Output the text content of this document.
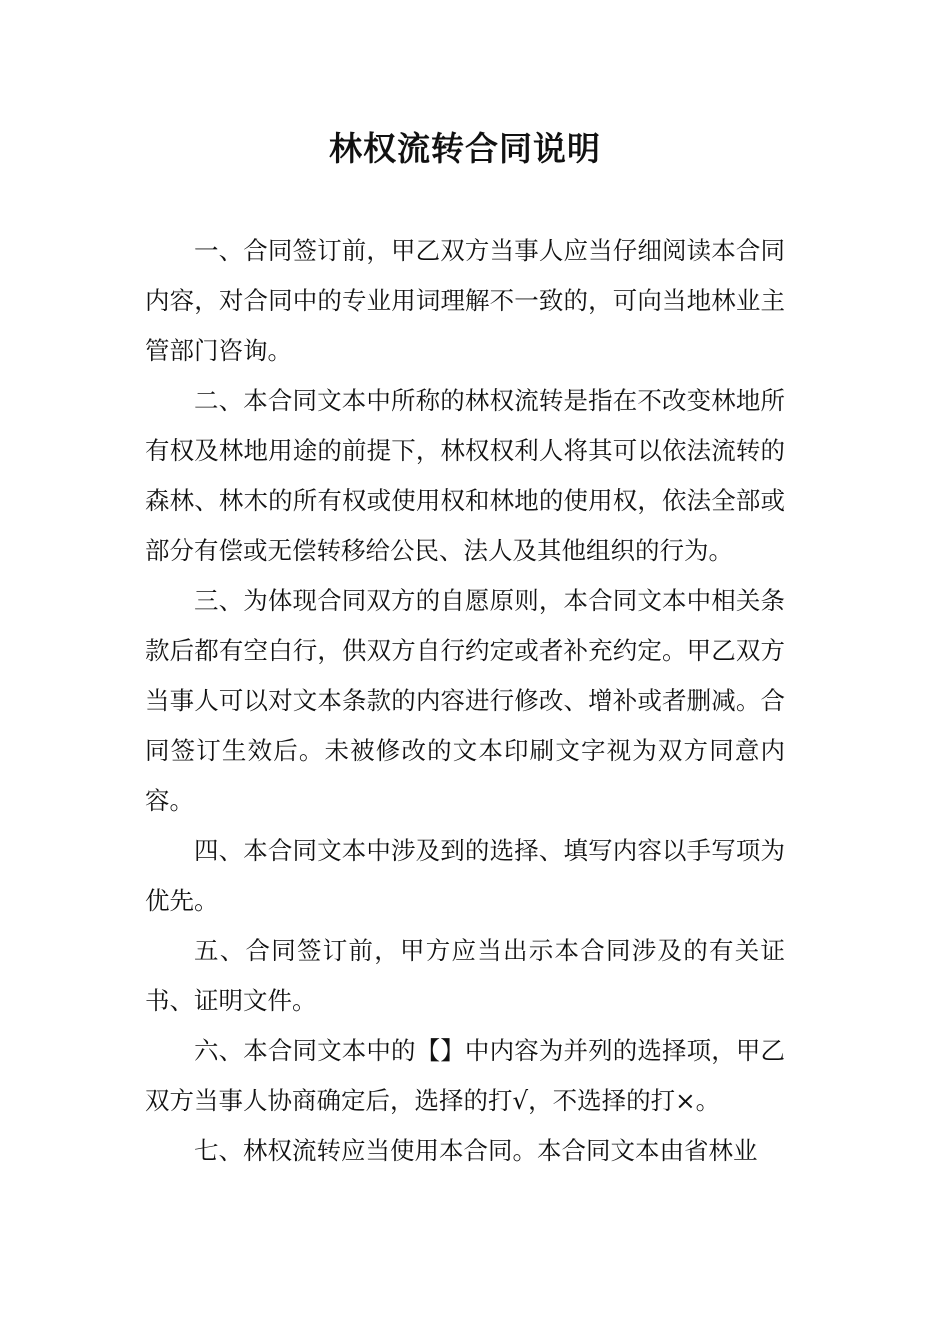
林权流转合同说明

一、合同签订前，甲乙双方当事人应当仔细阅读本合同内容，对合同中的专业用词理解不一致的，可向当地林业主管部门咨询。

二、本合同文本中所称的林权流转是指在不改变林地所有权及林地用途的前提下，林权权利人将其可以依法流转的森林、林木的所有权或使用权和林地的使用权，依法全部或部分有偿或无偿转移给公民、法人及其他组织的行为。

三、为体现合同双方的自愿原则，本合同文本中相关条款后都有空白行，供双方自行约定或者补充约定。甲乙双方当事人可以对文本条款的内容进行修改、增补或者删减。合同签订生效后。未被修改的文本印刷文字视为双方同意内容。

四、本合同文本中涉及到的选择、填写内容以手写项为优先。

五、合同签订前，甲方应当出示本合同涉及的有关证书、证明文件。

六、本合同文本中的【】中内容为并列的选择项，甲乙双方当事人协商确定后，选择的打√，不选择的打×。

七、林权流转应当使用本合同。本合同文本由省林业
